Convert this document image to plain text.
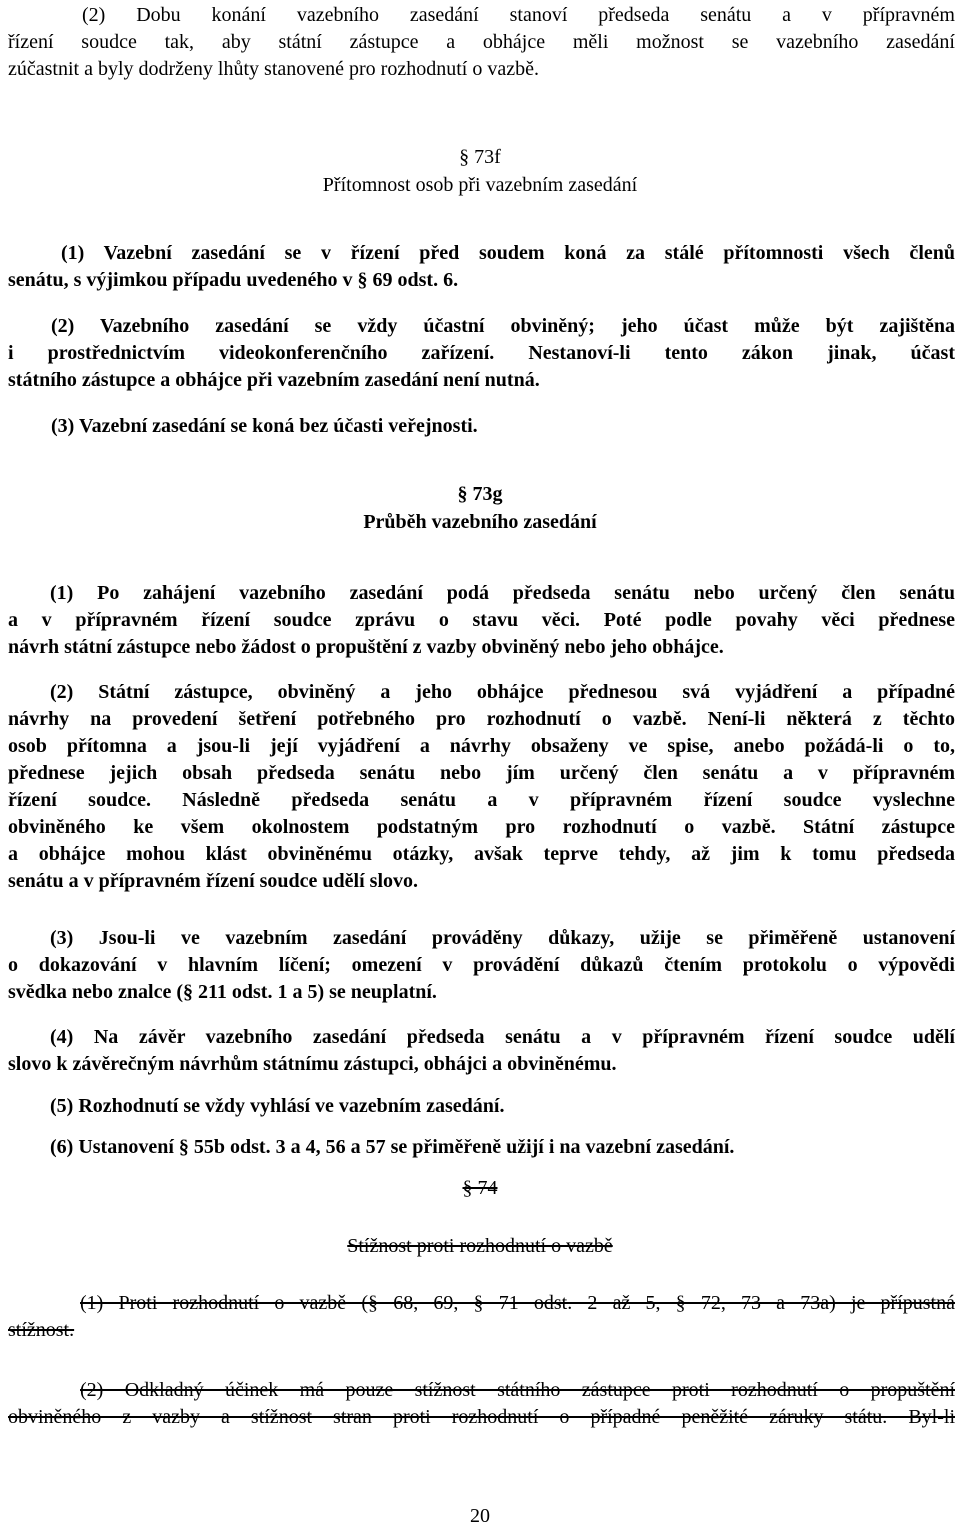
(2) Dobu konání vazebního zasedání stanoví předseda senátu a v přípravném
řízení soudce tak, aby státní zástupce a obhájce měli možnost se vazebního zasedání
zúčastnit a byly dodrženy lhůty stanovené pro rozhodnutí o vazbě.
§ 73f
Přítomnost osob při vazebním zasedání
(1) Vazební zasedání se v řízení před soudem koná za stálé přítomnosti všech členů
senátu, s výjimkou případu uvedeného v § 69 odst. 6.
(2) Vazebního zasedání se vždy účastní obviněný; jeho účast může být zajištěna
i prostřednictvím videokonferenčního zařízení. Nestanoví-li tento zákon jinak, účast
státního zástupce a obhájce při vazebním zasedání není nutná.
(3) Vazební zasedání se koná bez účasti veřejnosti.
§ 73g
Průběh vazebního zasedání
(1) Po zahájení vazebního zasedání podá předseda senátu nebo určený člen senátu
a v přípravném řízení soudce zprávu o stavu věci. Poté podle povahy věci přednese
návrh státní zástupce nebo žádost o propuštění z vazby obviněný nebo jeho obhájce.
(2) Státní zástupce, obviněný a jeho obhájce přednesou svá vyjádření a případné
návrhy na provedení šetření potřebného pro rozhodnutí o vazbě. Není-li některá z těchto
osob přítomna a jsou-li její vyjádření a návrhy obsaženy ve spise, anebo požádá-li o to,
přednese jejich obsah předseda senátu nebo jím určený člen senátu a v přípravném
řízení soudce. Následně předseda senátu a v přípravném řízení soudce vyslechne
obviněného ke všem okolnostem podstatným pro rozhodnutí o vazbě. Státní zástupce
a obhájce mohou klást obviněnému otázky, avšak teprve tehdy, až jim k tomu předseda
senátu a v přípravném řízení soudce udělí slovo.
(3) Jsou-li ve vazebním zasedání prováděny důkazy, užije se přiměřeně ustanovení
o dokazování v hlavním líčení; omezení v provádění důkazů čtením protokolu o výpovědi
svědka nebo znalce (§ 211 odst. 1 a 5) se neuplatní.
(4) Na závěr vazebního zasedání předseda senátu a v přípravném řízení soudce udělí
slovo k závěrečným návrhům státnímu zástupci, obhájci a obviněnému.
(5) Rozhodnutí se vždy vyhlásí ve vazebním zasedání.
(6) Ustanovení § 55b odst. 3 a 4, 56 a 57 se přiměřeně užijí i na vazební zasedání.
§ 74
Stížnost proti rozhodnutí o vazbě
(1) Proti rozhodnutí o vazbě (§ 68, 69, § 71 odst. 2 až 5, § 72, 73 a 73a) je přípustná
stížnost.
(2) Odkladný účinek má pouze stížnost státního zástupce proti rozhodnutí o propuštění
obviněného z vazby a stížnost stran proti rozhodnutí o případné peněžité záruky státu. Byl-li
20
